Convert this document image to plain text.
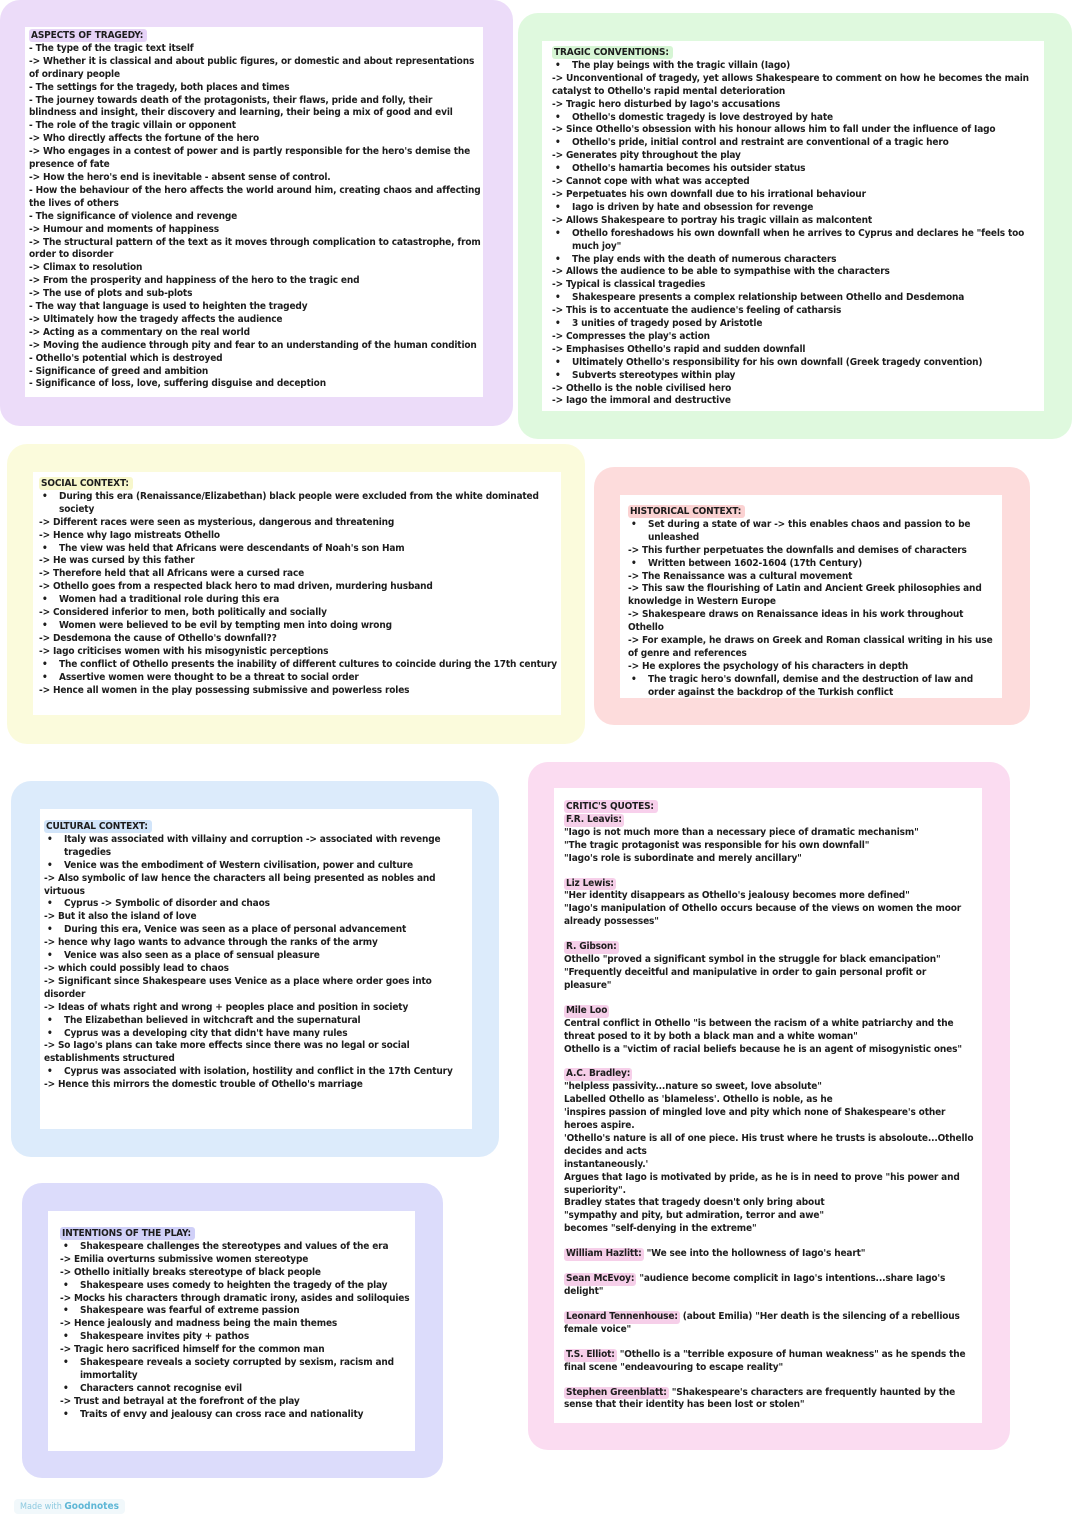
ASPECTS OF TRAGEDY:
- The type of the tragic text itself
-> Whether it is classical and about public figures, or domestic and about representations of ordinary people
- The settings for the tragedy, both places and times
- The journey towards death of the protagonists, their flaws, pride and folly, their blindness and insight, their discovery and learning, their being a mix of good and evil
- The role of the tragic villain or opponent
-> Who directly affects the fortune of the hero
-> Who engages in a contest of power and is partly responsible for the hero's demise the presence of fate
-> How the hero's end is inevitable - absent sense of control.
- How the behaviour of the hero affects the world around him, creating chaos and affecting the lives of others
- The significance of violence and revenge
-> Humour and moments of happiness
-> The structural pattern of the text as it moves through complication to catastrophe, from order to disorder
-> Climax to resolution
-> From the prosperity and happiness of the hero to the tragic end
-> The use of plots and sub-plots
- The way that language is used to heighten the tragedy
-> Ultimately how the tragedy affects the audience
-> Acting as a commentary on the real world
-> Moving the audience through pity and fear to an understanding of the human condition
- Othello's potential which is destroyed
- Significance of greed and ambition
- Significance of loss, love, suffering disguise and deception
TRAGIC CONVENTIONS:
• The play beings with the tragic villain (Iago)
-> Unconventional of tragedy, yet allows Shakespeare to comment on how he becomes the main catalyst to Othello's rapid mental deterioration
-> Tragic hero disturbed by Iago's accusations
• Othello's domestic tragedy is love destroyed by hate
-> Since Othello's obsession with his honour allows him to fall under the influence of Iago
• Othello's pride, initial control and restraint are conventional of a tragic hero
-> Generates pity throughout the play
• Othello's hamartia becomes his outsider status
-> Cannot cope with what was accepted
-> Perpetuates his own downfall due to his irrational behaviour
• Iago is driven by hate and obsession for revenge
-> Allows Shakespeare to portray his tragic villain as malcontent
• Othello foreshadows his own downfall when he arrives to Cyprus and declares he "feels too much joy"
• The play ends with the death of numerous characters
-> Allows the audience to be able to sympathise with the characters
-> Typical is classical tragedies
• Shakespeare presents a complex relationship between Othello and Desdemona
-> This is to accentuate the audience's feeling of catharsis
• 3 unities of tragedy posed by Aristotle
-> Compresses the play's action
-> Emphasises Othello's rapid and sudden downfall
• Ultimately Othello's responsibility for his own downfall (Greek tragedy convention)
• Subverts stereotypes within play
-> Othello is the noble civilised hero
-> Iago the immoral and destructive
SOCIAL CONTEXT:
• During this era (Renaissance/Elizabethan) black people were excluded from the white dominated society
-> Different races were seen as mysterious, dangerous and threatening
-> Hence why Iago mistreats Othello
• The view was held that Africans were descendants of Noah's son Ham
-> He was cursed by this father
-> Therefore held that all Africans were a cursed race
-> Othello goes from a respected black hero to mad driven, murdering husband
• Women had a traditional role during this era
-> Considered inferior to men, both politically and socially
• Women were believed to be evil by tempting men into doing wrong
-> Desdemona the cause of Othello's downfall??
-> Iago criticises women with his misogynistic perceptions
• The conflict of Othello presents the inability of different cultures to coincide during the 17th century
• Assertive women were thought to be a threat to social order
-> Hence all women in the play possessing submissive and powerless roles
HISTORICAL CONTEXT:
• Set during a state of war -> this enables chaos and passion to be unleashed
-> This further perpetuates the downfalls and demises of characters
• Written between 1602-1604 (17th Century)
-> The Renaissance was a cultural movement
-> This saw the flourishing of Latin and Ancient Greek philosophies and knowledge in Western Europe
-> Shakespeare draws on Renaissance ideas in his work throughout Othello
-> For example, he draws on Greek and Roman classical writing in his use of genre and references
-> He explores the psychology of his characters in depth
• The tragic hero's downfall, demise and the destruction of law and order against the backdrop of the Turkish conflict
CULTURAL CONTEXT:
• Italy was associated with villainy and corruption -> associated with revenge tragedies
• Venice was the embodiment of Western civilisation, power and culture
-> Also symbolic of law hence the characters all being presented as nobles and virtuous
• Cyprus -> Symbolic of disorder and chaos
-> But it also the island of love
• During this era, Venice was seen as a place of personal advancement
-> hence why Iago wants to advance through the ranks of the army
• Venice was also seen as a place of sensual pleasure
-> which could possibly lead to chaos
-> Significant since Shakespeare uses Venice as a place where order goes into disorder
-> Ideas of whats right and wrong + peoples place and position in society
• The Elizabethan believed in witchcraft and the supernatural
• Cyprus was a developing city that didn't have many rules
-> So Iago's plans can take more effects since there was no legal or social establishments structured
• Cyprus was associated with isolation, hostility and conflict in the 17th Century
-> Hence this mirrors the domestic trouble of Othello's marriage
INTENTIONS OF THE PLAY:
• Shakespeare challenges the stereotypes and values of the era
-> Emilia overturns submissive women stereotype
-> Othello initially breaks stereotype of black people
• Shakespeare uses comedy to heighten the tragedy of the play
-> Mocks his characters through dramatic irony, asides and soliloquies
• Shakespeare was fearful of extreme passion
-> Hence jealously and madness being the main themes
• Shakespeare invites pity + pathos
-> Tragic hero sacrificed himself for the common man
• Shakespeare reveals a society corrupted by sexism, racism and immortality
• Characters cannot recognise evil
-> Trust and betrayal at the forefront of the play
• Traits of envy and jealousy can cross race and nationality
CRITIC'S QUOTES:
F.R. Leavis:
"Iago is not much more than a necessary piece of dramatic mechanism"
"The tragic protagonist was responsible for his own downfall"
"Iago's role is subordinate and merely ancillary"
Liz Lewis:
"Her identity disappears as Othello's jealousy becomes more defined"
"Iago's manipulation of Othello occurs because of the views on women the moor already possesses"
R. Gibson:
Othello "proved a significant symbol in the struggle for black emancipation"
"Frequently deceitful and manipulative in order to gain personal profit or pleasure"
Mile Loo
Central conflict in Othello "is between the racism of a white patriarchy and the threat posed to it by both a black man and a white woman"
Othello is a "victim of racial beliefs because he is an agent of misogynistic ones"
A.C. Bradley:
"helpless passivity...nature so sweet, love absolute"
Labelled Othello as 'blameless'. Othello is noble, as he
'inspires passion of mingled love and pity which none of Shakespeare's other heroes aspire.
'Othello's nature is all of one piece. His trust where he trusts is absoloute...Othello decides and acts
instantaneously.'
Argues that Iago is motivated by pride, as he is in need to prove "his power and superiority".
Bradley states that tragedy doesn't only bring about
"sympathy and pity, but admiration, terror and awe"
becomes "self-denying in the extreme"
William Hazlitt: "We see into the hollowness of Iago's heart"
Sean McEvoy: "audience become complicit in Iago's intentions...share Iago's delight"
Leonard Tennenhouse: (about Emilia) "Her death is the silencing of a rebellious female voice"
T.S. Elliot: "Othello is a "terrible exposure of human weakness" as he spends the final scene "endeavouring to escape reality"
Stephen Greenblatt: "Shakespeare's characters are frequently haunted by the sense that their identity has been lost or stolen"
Made with Goodnotes
